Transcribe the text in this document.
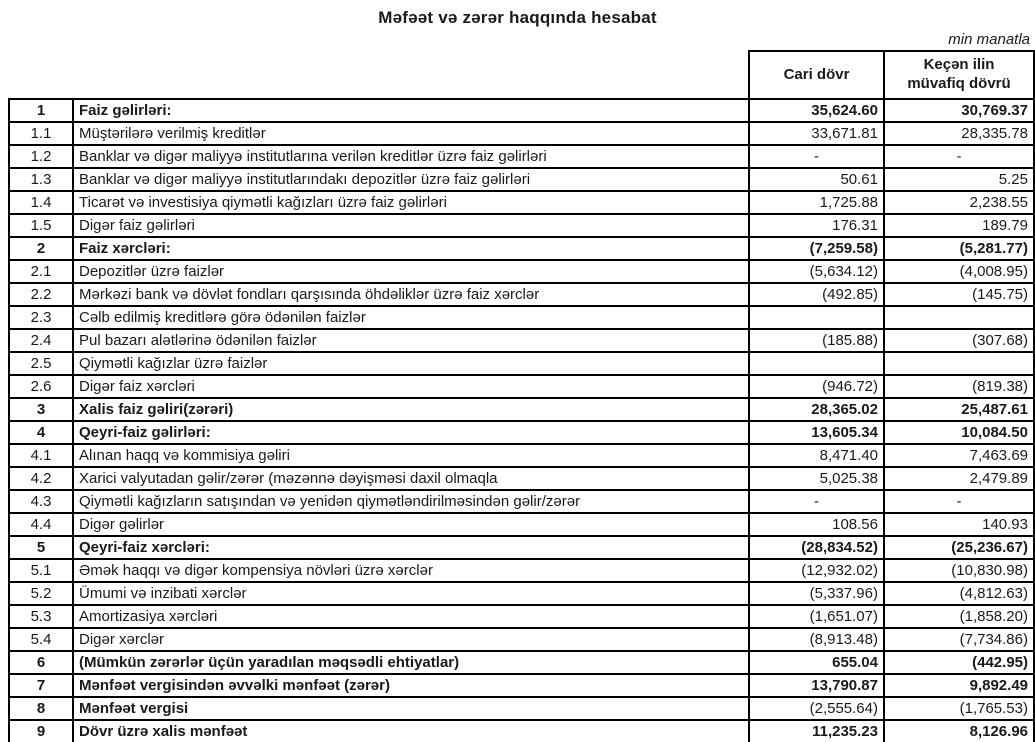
Məfəət və zərər haqqında hesabat
min manatla
		Cari dövr	Keçən ilin
müvafiq dövrü
1	Faiz gəlirləri:	35,624.60	30,769.37
1.1	Müştərilərə verilmiş kreditlər	33,671.81	28,335.78
1.2	Banklar və digər maliyyə institutlarına verilən kreditlər üzrə faiz gəlirləri	-	-
1.3	Banklar və digər maliyyə institutlarındakı depozitlər üzrə faiz gəlirləri	50.61	5.25
1.4	Ticarət və investisiya qiymətli kağızları üzrə faiz gəlirləri	1,725.88	2,238.55
1.5	Digər faiz gəlirləri	176.31	189.79
2	Faiz xərcləri:	(7,259.58)	(5,281.77)
2.1	Depozitlər üzrə faizlər	(5,634.12)	(4,008.95)
2.2	Mərkəzi bank və dövlət fondları qarşısında öhdəliklər üzrə faiz xərclər	(492.85)	(145.75)
2.3	Cəlb edilmiş kreditlərə görə ödənilən faizlər		
2.4	Pul bazarı alətlərinə ödənilən faizlər	(185.88)	(307.68)
2.5	Qiymətli kağızlar üzrə faizlər		
2.6	Digər faiz xərcləri	(946.72)	(819.38)
3	Xalis faiz gəliri(zərəri)	28,365.02	25,487.61
4	Qeyri-faiz gəlirləri:	13,605.34	10,084.50
4.1	Alınan haqq və kommisiya gəliri	8,471.40	7,463.69
4.2	Xarici valyutadan gəlir/zərər (məzənnə dəyişməsi daxil olmaqla	5,025.38	2,479.89
4.3	Qiymətli kağızların satışından və yenidən qiymətləndirilməsindən gəlir/zərər	-	-
4.4	Digər gəlirlər	108.56	140.93
5	Qeyri-faiz xərcləri:	(28,834.52)	(25,236.67)
5.1	Əmək haqqı və digər kompensiya növləri üzrə xərclər	(12,932.02)	(10,830.98)
5.2	Ümumi və inzibati xərclər	(5,337.96)	(4,812.63)
5.3	Amortizasiya xərcləri	(1,651.07)	(1,858.20)
5.4	Digər xərclər	(8,913.48)	(7,734.86)
6	(Mümkün zərərlər üçün yaradılan məqsədli ehtiyatlar)	655.04	(442.95)
7	Mənfəət vergisindən əvvəlki mənfəət (zərər)	13,790.87	9,892.49
8	Mənfəət vergisi	(2,555.64)	(1,765.53)
9	Dövr üzrə xalis mənfəət	11,235.23	8,126.96
